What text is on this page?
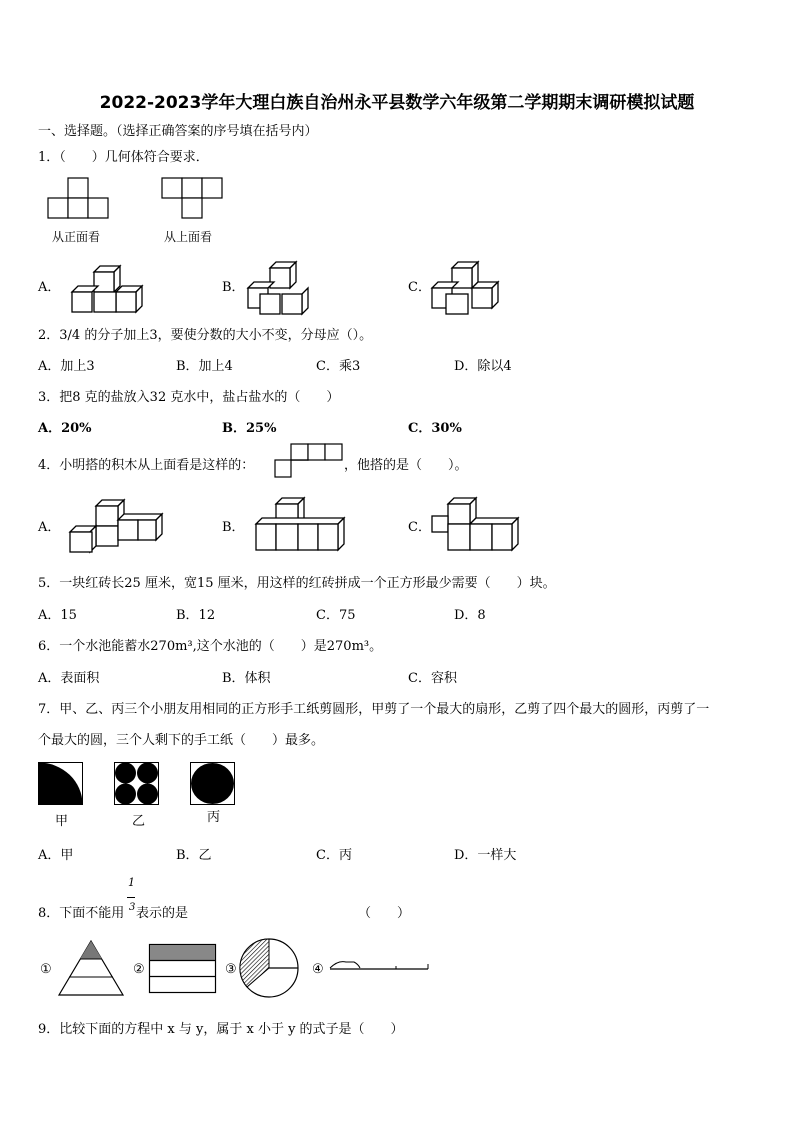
2022-2023学年大理白族自治州永平县数学六年级第二学期期末调研模拟试题
一、选择题。（选择正确答案的序号填在括号内）
1．（　　）几何体符合要求．
从正面看	从上面看
A．	B．	C．
2．3/4 的分子加上3，要使分数的大小不变，分母应（）。
A．加上3	B．加上4	C．乘3	D．除以4
3．把8 克的盐放入32 克水中，盐占盐水的（　　）
A．20%	B．25%	C．30%
4．小明搭的积木从上面看是这样的：	，他搭的是（　　）。
A．	B．	C．
5．一块红砖长25 厘米，宽15 厘米，用这样的红砖拼成一个正方形最少需要（　　）块。
A．15	B．12	C．75	D．8
6．一个水池能蓄水270m³,这个水池的（　　）是270m³。
A．表面积	B．体积	C．容积
7．甲、乙、丙三个小朋友用相同的正方形手工纸剪圆形，甲剪了一个最大的扇形，乙剪了四个最大的圆形，丙剪了一
个最大的圆，三个人剩下的手工纸（　　）最多。
甲	乙	丙
A．甲	B．乙	C．丙	D．一样大
8．下面不能用
1
3 表示的是	（　　）
①	②	③	④
9．比较下面的方程中 x 与 y，属于 x 小于 y 的式子是（　　）
